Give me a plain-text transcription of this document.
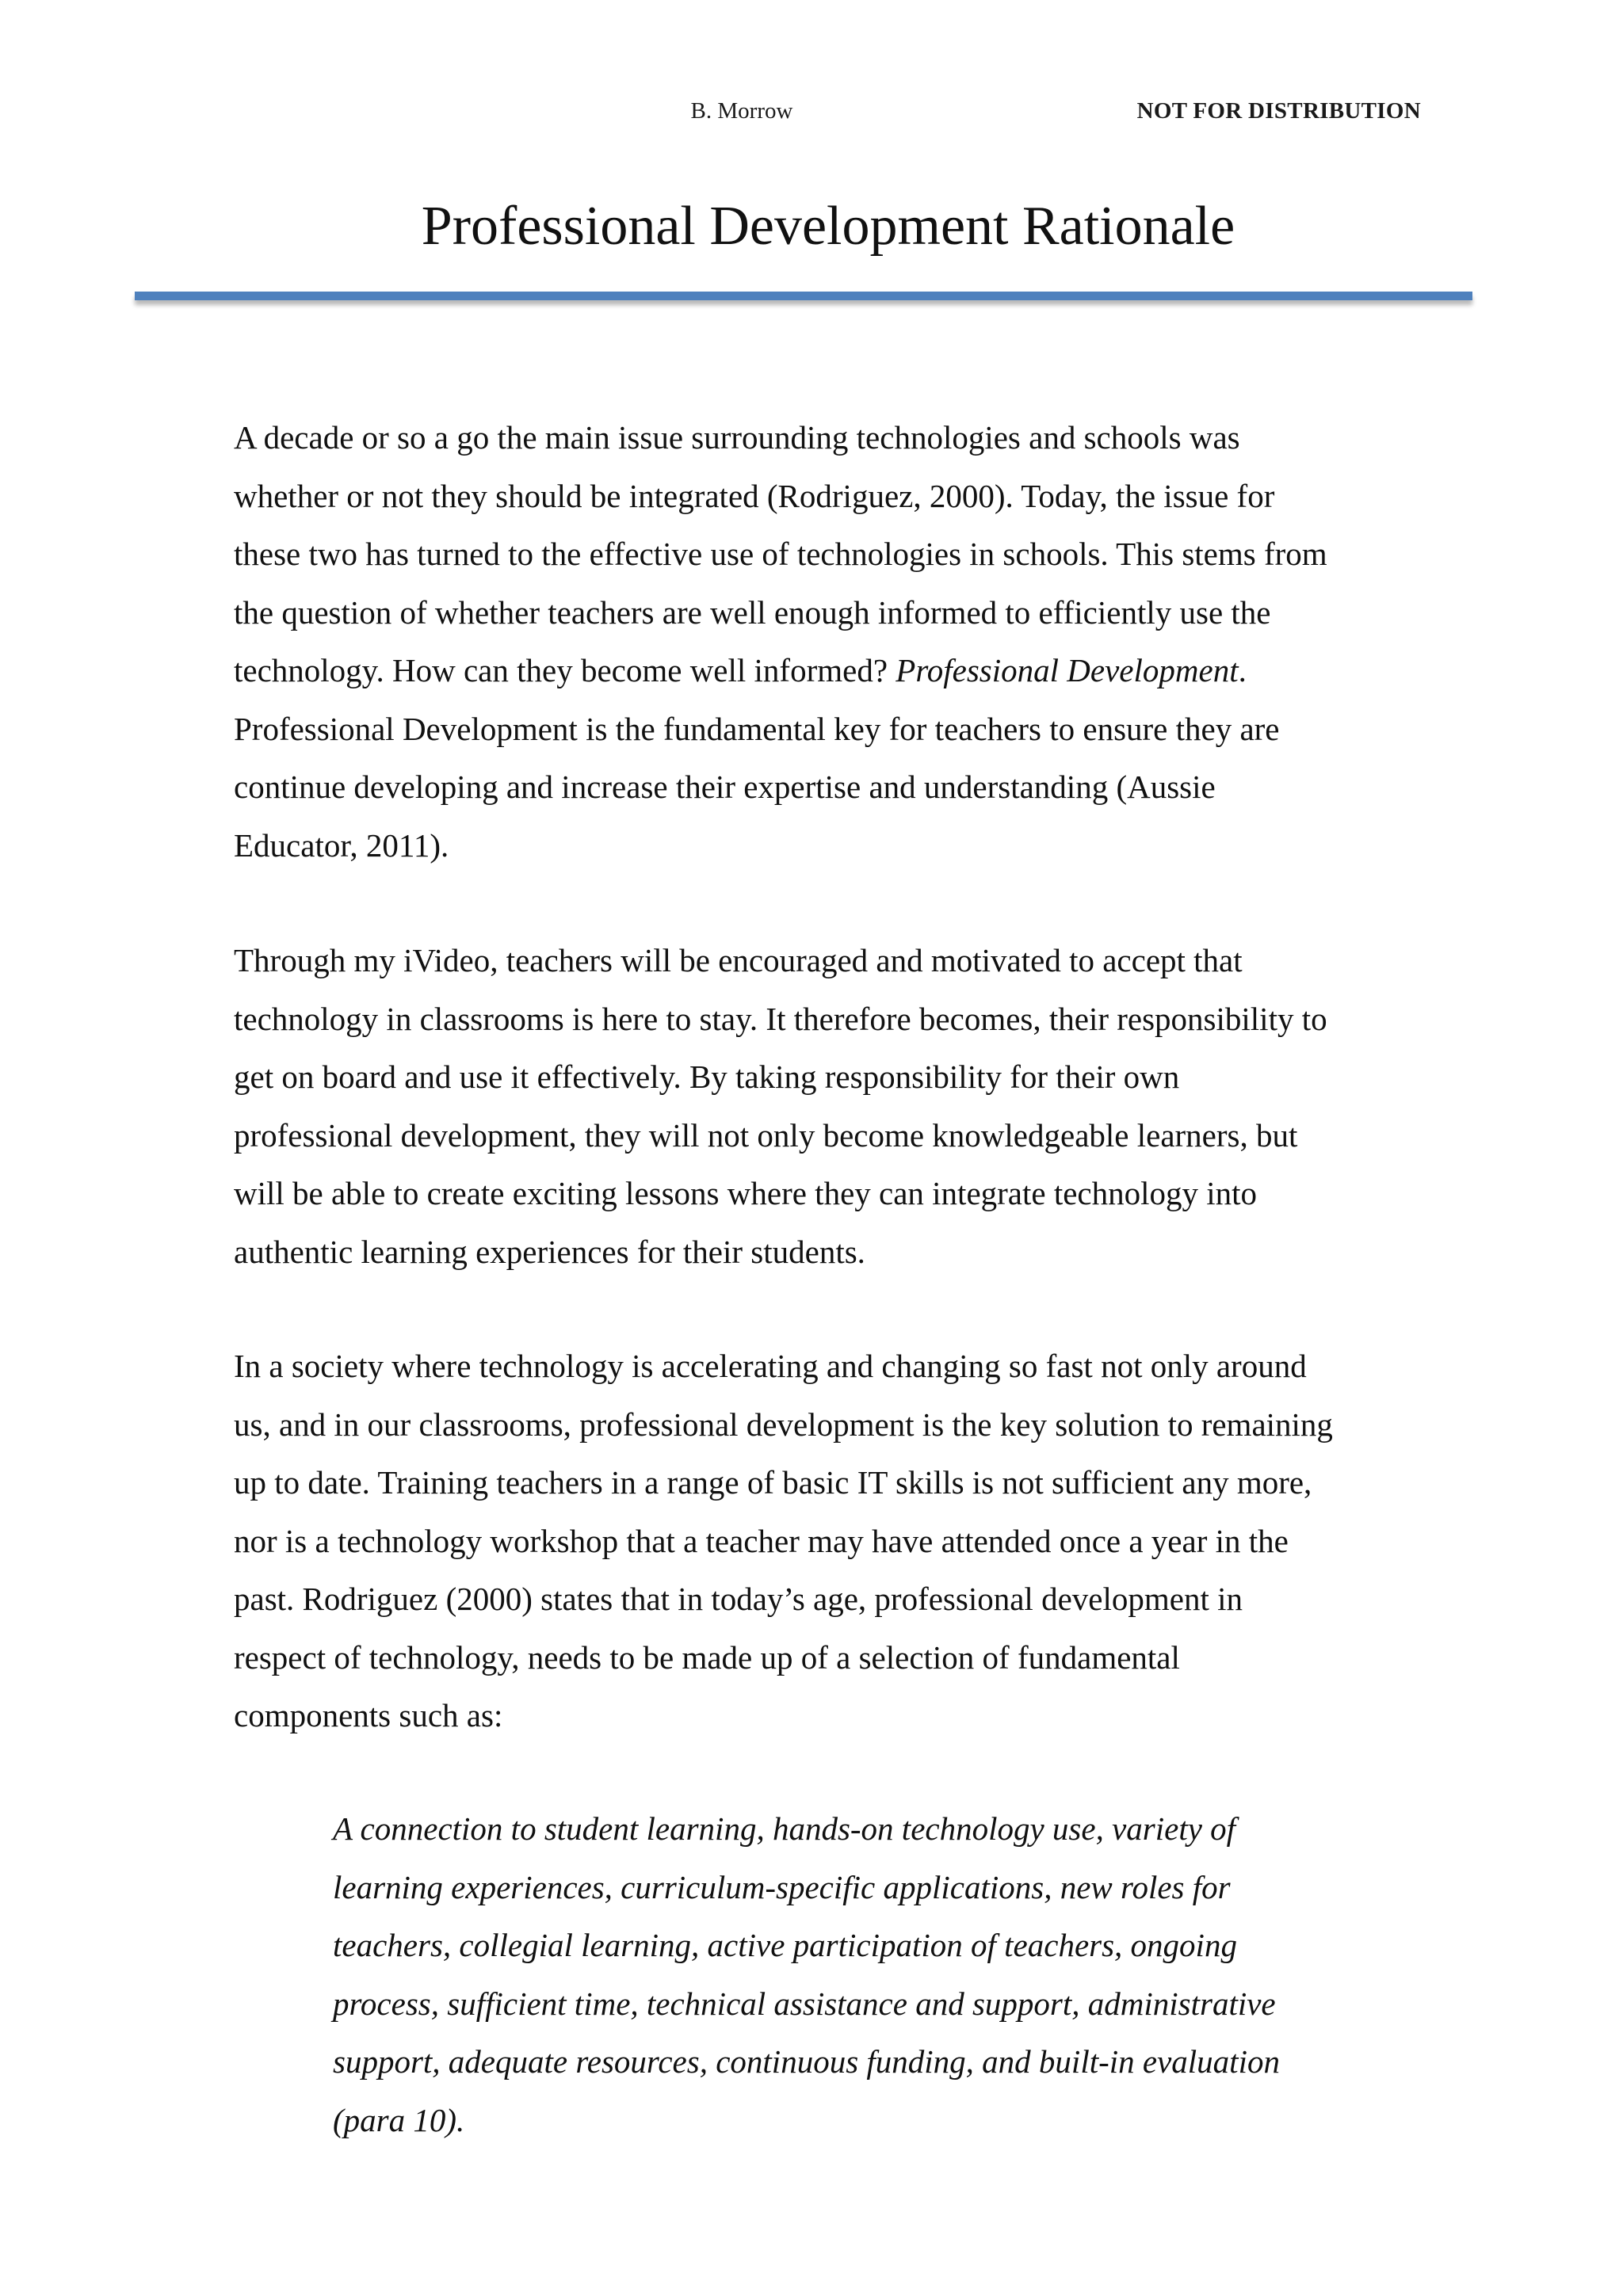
B. Morrow	NOT FOR DISTRIBUTION
Professional Development Rationale
A decade or so a go the main issue surrounding technologies and schools was
whether or not they should be integrated (Rodriguez, 2000). Today, the issue for
these two has turned to the effective use of technologies in schools. This stems from
the question of whether teachers are well enough informed to efficiently use the
technology. How can they become well informed? Professional Development.
Professional Development is the fundamental key for teachers to ensure they are
continue developing and increase their expertise and understanding (Aussie
Educator, 2011).
Through my iVideo, teachers will be encouraged and motivated to accept that
technology in classrooms is here to stay. It therefore becomes, their responsibility to
get on board and use it effectively. By taking responsibility for their own
professional development, they will not only become knowledgeable learners, but
will be able to create exciting lessons where they can integrate technology into
authentic learning experiences for their students.
In a society where technology is accelerating and changing so fast not only around
us, and in our classrooms, professional development is the key solution to remaining
up to date. Training teachers in a range of basic IT skills is not sufficient any more,
nor is a technology workshop that a teacher may have attended once a year in the
past. Rodriguez (2000) states that in today’s age, professional development in
respect of technology, needs to be made up of a selection of fundamental
components such as:
A connection to student learning, hands-on technology use, variety of
learning experiences, curriculum-specific applications, new roles for
teachers, collegial learning, active participation of teachers, ongoing
process, sufficient time, technical assistance and support, administrative
support, adequate resources, continuous funding, and built-in evaluation
(para 10).
